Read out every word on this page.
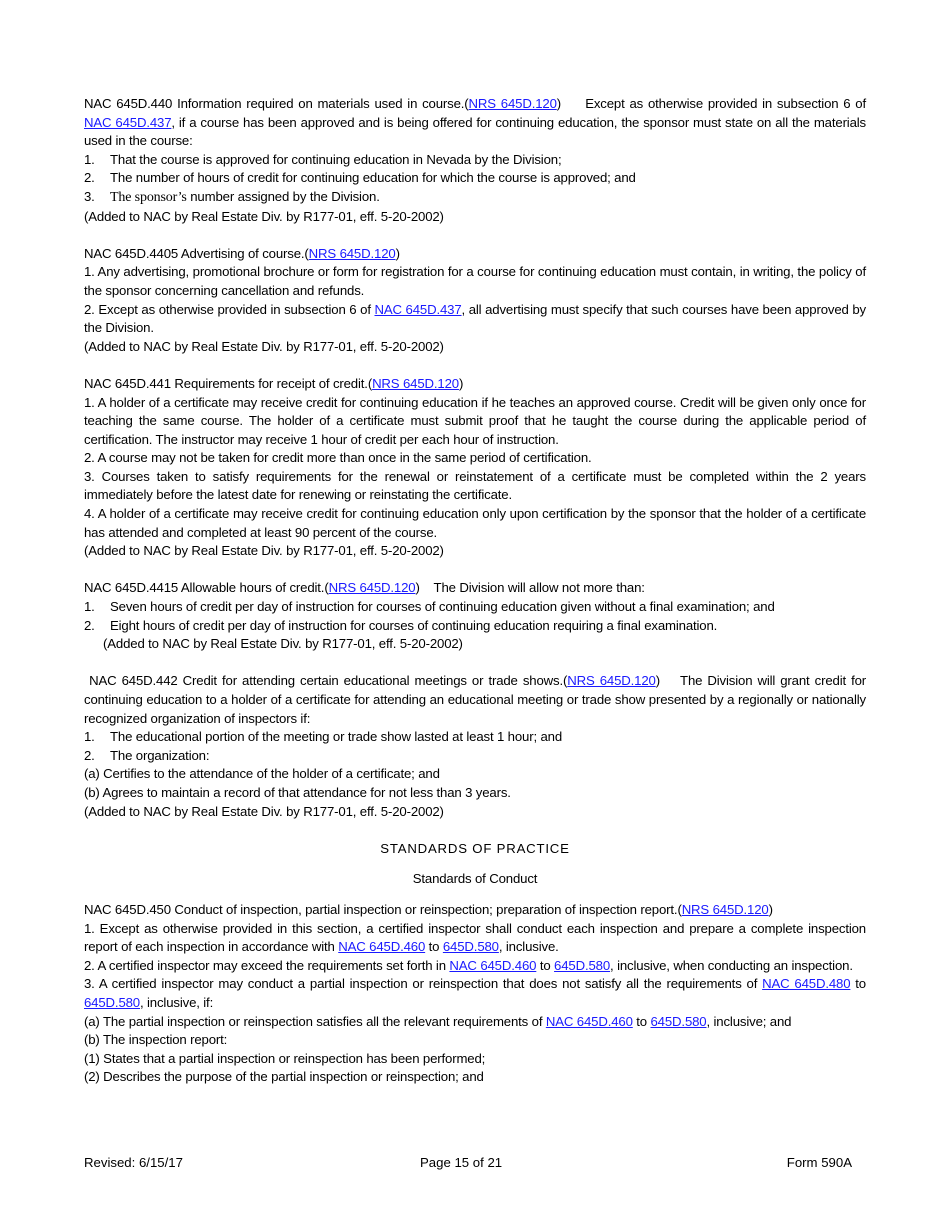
NAC 645D.440 Information required on materials used in course.(NRS 645D.120)     Except as otherwise provided in subsection 6 of NAC 645D.437, if a course has been approved and is being offered for continuing education, the sponsor must state on all the materials used in the course:

1. That the course is approved for continuing education in Nevada by the Division;

2. The number of hours of credit for continuing education for which the course is approved; and

3. The sponsor’s number assigned by the Division.

(Added to NAC by Real Estate Div. by R177-01, eff. 5-20-2002)

NAC 645D.4405 Advertising of course.(NRS 645D.120)

1. Any advertising, promotional brochure or form for registration for a course for continuing education must contain, in writing, the policy of the sponsor concerning cancellation and refunds.

2. Except as otherwise provided in subsection 6 of NAC 645D.437, all advertising must specify that such courses have been approved by the Division.

(Added to NAC by Real Estate Div. by R177-01, eff. 5-20-2002)

NAC 645D.441 Requirements for receipt of credit.(NRS 645D.120)

1. A holder of a certificate may receive credit for continuing education if he teaches an approved course. Credit will be given only once for teaching the same course. The holder of a certificate must submit proof that he taught the course during the applicable period of certification. The instructor may receive 1 hour of credit per each hour of instruction.

2. A course may not be taken for credit more than once in the same period of certification.

3. Courses taken to satisfy requirements for the renewal or reinstatement of a certificate must be completed within the 2 years immediately before the latest date for renewing or reinstating the certificate.

4. A holder of a certificate may receive credit for continuing education only upon certification by the sponsor that the holder of a certificate has attended and completed at least 90 percent of the course.

(Added to NAC by Real Estate Div. by R177-01, eff. 5-20-2002)

NAC 645D.4415 Allowable hours of credit.(NRS 645D.120)    The Division will allow not more than:

1. Seven hours of credit per day of instruction for courses of continuing education given without a final examination; and

2. Eight hours of credit per day of instruction for courses of continuing education requiring a final examination.

(Added to NAC by Real Estate Div. by R177-01, eff. 5-20-2002)

NAC 645D.442 Credit for attending certain educational meetings or trade shows.(NRS 645D.120)    The Division will grant credit for continuing education to a holder of a certificate for attending an educational meeting or trade show presented by a regionally or nationally recognized organization of inspectors if:

1. The educational portion of the meeting or trade show lasted at least 1 hour; and

2. The organization:

(a) Certifies to the attendance of the holder of a certificate; and

(b) Agrees to maintain a record of that attendance for not less than 3 years.

(Added to NAC by Real Estate Div. by R177-01, eff. 5-20-2002)

STANDARDS OF PRACTICE

Standards of Conduct

NAC 645D.450 Conduct of inspection, partial inspection or reinspection; preparation of inspection report.(NRS 645D.120)

1. Except as otherwise provided in this section, a certified inspector shall conduct each inspection and prepare a complete inspection report of each inspection in accordance with NAC 645D.460 to 645D.580, inclusive.

2. A certified inspector may exceed the requirements set forth in NAC 645D.460 to 645D.580, inclusive, when conducting an inspection.

3. A certified inspector may conduct a partial inspection or reinspection that does not satisfy all the requirements of NAC 645D.480 to 645D.580, inclusive, if:

(a) The partial inspection or reinspection satisfies all the relevant requirements of NAC 645D.460 to 645D.580, inclusive; and

(b) The inspection report:

(1) States that a partial inspection or reinspection has been performed;

(2) Describes the purpose of the partial inspection or reinspection; and

Revised: 6/15/17	Page 15 of 21	Form 590A
